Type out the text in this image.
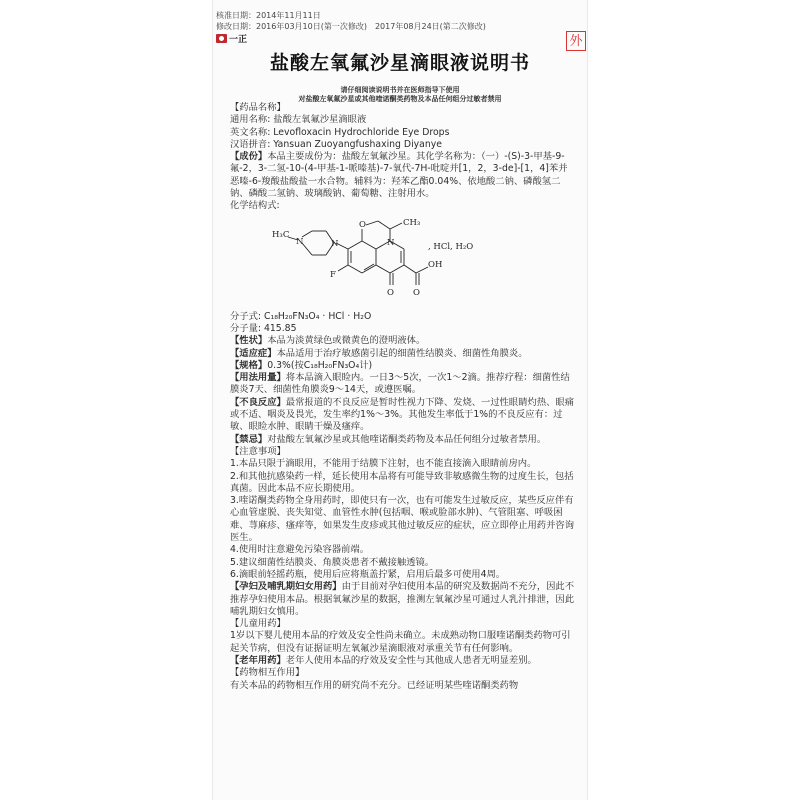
核准日期：2014年11月11日
修改日期：2016年03月10日(第一次修改)　2017年08月24日(第二次修改)
一正	外
盐酸左氧氟沙星滴眼液说明书
请仔细阅读说明书并在医师指导下使用
对盐酸左氧氟沙星或其他喹诺酮类药物及本品任何组分过敏者禁用
【药品名称】
通用名称: 盐酸左氧氟沙星滴眼液
英文名称: Levofloxacin Hydrochloride Eye Drops
汉语拼音: Yansuan Zuoyangfushaxing Diyanye
【成份】本品主要成份为：盐酸左氧氟沙星。其化学名称为：（一）-(S)-3-甲基-9-氟-2，3-二氢-10-(4-甲基-1-哌嗪基)-7-氧代-7H-吡啶并[1，2，3-de]-[1，4]苯并恶嗪-6-羧酸盐酸盐一水合物。辅料为：羟苯乙酯0.04%、依地酸二钠、磷酸氢二钠、磷酸二氢钠、玻璃酸钠、葡萄糖、注射用水。
化学结构式:
H₃C
N	N
O	CH₃
N
F
O O
OH
, HCl, H₂O
分子式: C₁₈H₂₀FN₃O₄ · HCl · H₂O
分子量: 415.85
【性状】本品为淡黄绿色或微黄色的澄明液体。
【适应症】本品适用于治疗敏感菌引起的细菌性结膜炎、细菌性角膜炎。
【规格】0.3%(按C₁₈H₂₀FN₃O₄计)
【用法用量】将本品滴入眼睑内。一日3～5次，一次1～2滴。推荐疗程：细菌性结膜炎7天、细菌性角膜炎9～14天，或遵医嘱。
【不良反应】最常报道的不良反应是暂时性视力下降、发烧、一过性眼睛灼热、眼痛或不适、咽炎及畏光，发生率约1%～3%。其他发生率低于1%的不良反应有：过敏、眼睑水肿、眼睛干燥及瘙痒。
【禁忌】对盐酸左氧氟沙星或其他喹诺酮类药物及本品任何组分过敏者禁用。
【注意事项】
1.本品只限于滴眼用，不能用于结膜下注射，也不能直接滴入眼睛前房内。
2.和其他抗感染药一样，延长使用本品将有可能导致非敏感微生物的过度生长，包括真菌。因此本品不应长期使用。
3.喹诺酮类药物全身用药时，即使只有一次，也有可能发生过敏反应，某些反应伴有心血管虚脱、丧失知觉、血管性水肿(包括咽、喉或脸部水肿)、气管阻塞、呼吸困难、荨麻疹、瘙痒等，如果发生皮疹或其他过敏反应的症状，应立即停止用药并咨询医生。
4.使用时注意避免污染容器前端。
5.建议细菌性结膜炎、角膜炎患者不戴接触透镜。
6.滴眼前轻摇药瓶，使用后应将瓶盖拧紧，启用后最多可使用4周。
【孕妇及哺乳期妇女用药】由于目前对孕妇使用本品的研究及数据尚不充分，因此不推荐孕妇使用本品。根据氧氟沙星的数据，推测左氧氟沙星可通过人乳汁排泄，因此哺乳期妇女慎用。
【儿童用药】
1岁以下婴儿使用本品的疗效及安全性尚未确立。未成熟动物口服喹诺酮类药物可引起关节病，但没有证据证明左氧氟沙星滴眼液对承重关节有任何影响。
【老年用药】老年人使用本品的疗效及安全性与其他成人患者无明显差别。
【药物相互作用】
有关本品的药物相互作用的研究尚不充分。已经证明某些喹诺酮类药物
